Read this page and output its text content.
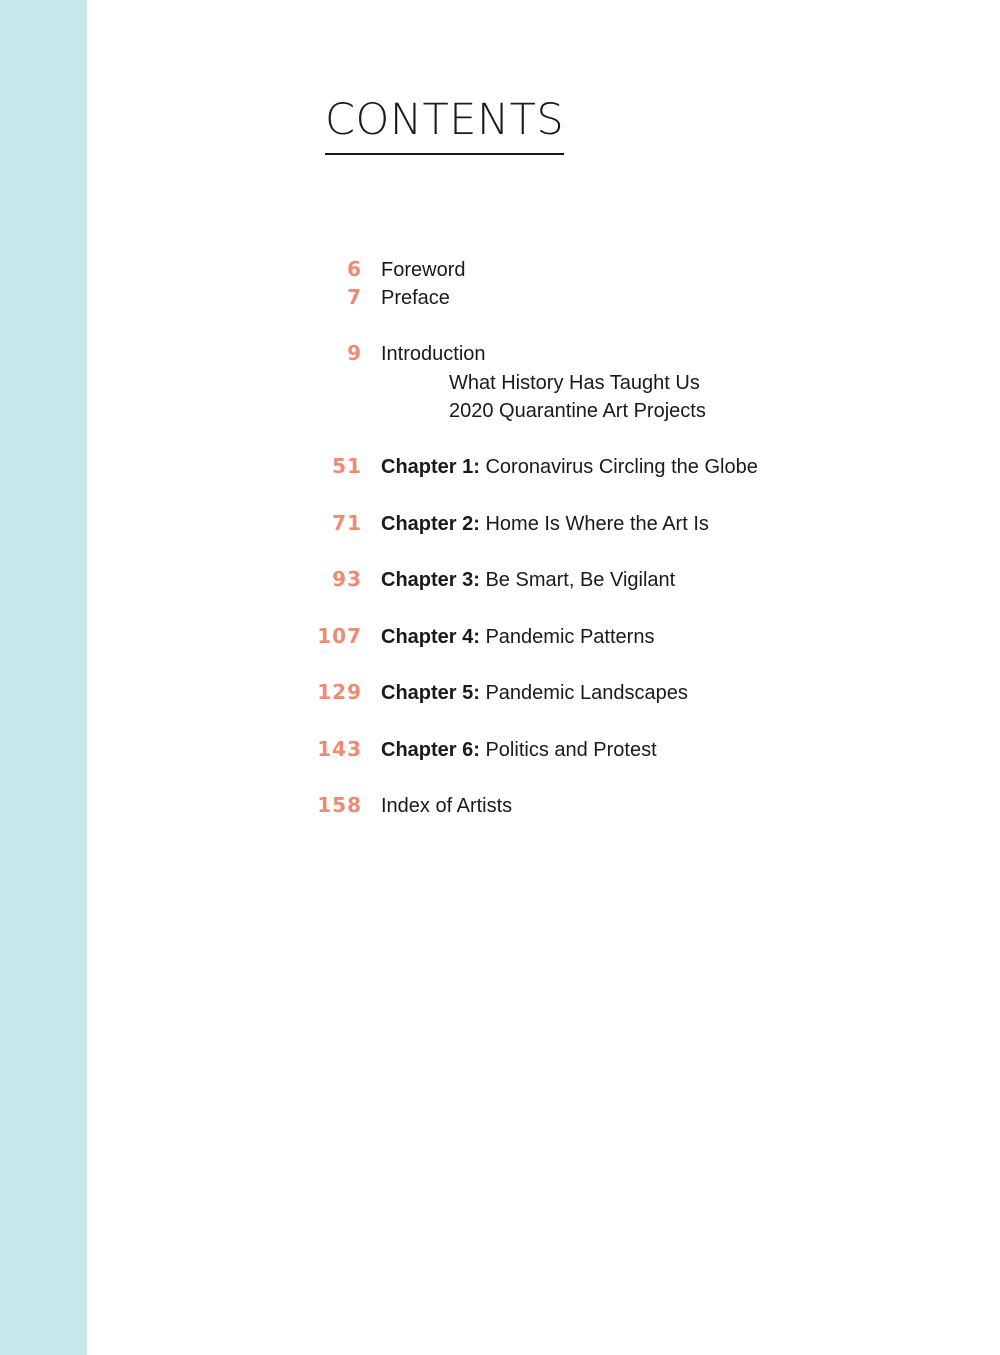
CONTENTS
6 Foreword
7 Preface
9 Introduction
What History Has Taught Us
2020 Quarantine Art Projects
51 Chapter 1: Coronavirus Circling the Globe
71 Chapter 2: Home Is Where the Art Is
93 Chapter 3: Be Smart, Be Vigilant
107 Chapter 4: Pandemic Patterns
129 Chapter 5: Pandemic Landscapes
143 Chapter 6: Politics and Protest
158 Index of Artists
